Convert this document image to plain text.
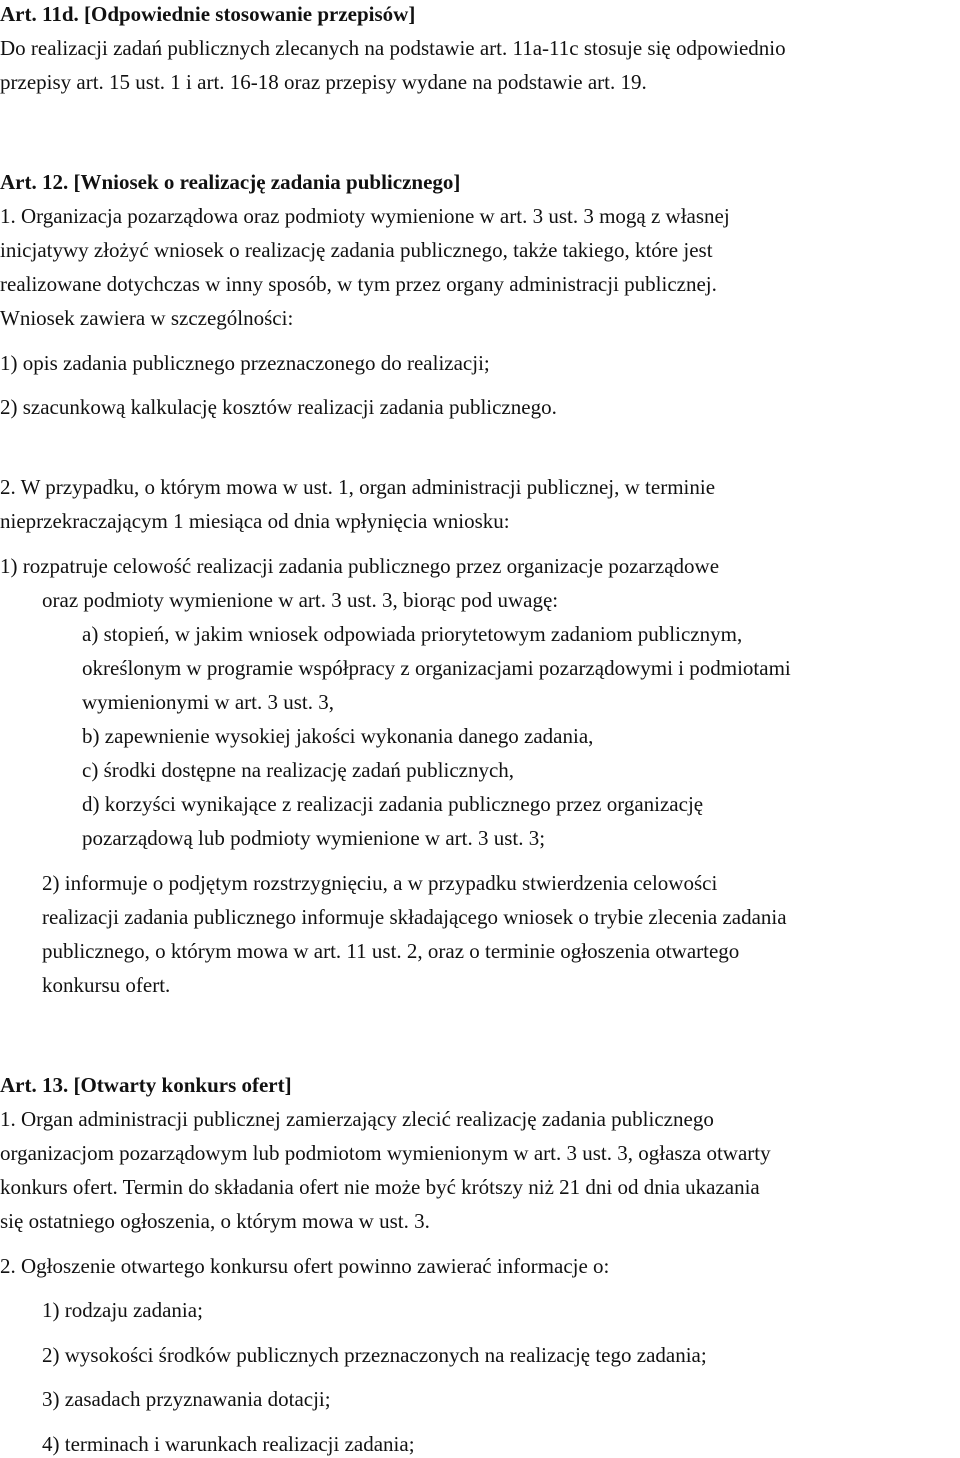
Art. 11d. [Odpowiednie stosowanie przepisów]
Do realizacji zadań publicznych zlecanych na podstawie art. 11a-11c stosuje się odpowiednio
przepisy art. 15 ust. 1 i art. 16-18 oraz przepisy wydane na podstawie art. 19.
Art. 12. [Wniosek o realizację zadania publicznego]
1. Organizacja pozarządowa oraz podmioty wymienione w art. 3 ust. 3 mogą z własnej
inicjatywy złożyć wniosek o realizację zadania publicznego, także takiego, które jest
realizowane dotychczas w inny sposób, w tym przez organy administracji publicznej.
Wniosek zawiera w szczególności:
1) opis zadania publicznego przeznaczonego do realizacji;
2) szacunkową kalkulację kosztów realizacji zadania publicznego.
2. W przypadku, o którym mowa w ust. 1, organ administracji publicznej, w terminie
nieprzekraczającym 1 miesiąca od dnia wpłynięcia wniosku:
1) rozpatruje celowość realizacji zadania publicznego przez organizacje pozarządowe
oraz podmioty wymienione w art. 3 ust. 3, biorąc pod uwagę:
a) stopień, w jakim wniosek odpowiada priorytetowym zadaniom publicznym,
określonym w programie współpracy z organizacjami pozarządowymi i podmiotami
wymienionymi w art. 3 ust. 3,
b) zapewnienie wysokiej jakości wykonania danego zadania,
c) środki dostępne na realizację zadań publicznych,
d) korzyści wynikające z realizacji zadania publicznego przez organizację
pozarządową lub podmioty wymienione w art. 3 ust. 3;
2) informuje o podjętym rozstrzygnięciu, a w przypadku stwierdzenia celowości
realizacji zadania publicznego informuje składającego wniosek o trybie zlecenia zadania
publicznego, o którym mowa w art. 11 ust. 2, oraz o terminie ogłoszenia otwartego
konkursu ofert.
Art. 13. [Otwarty konkurs ofert]
1. Organ administracji publicznej zamierzający zlecić realizację zadania publicznego
organizacjom pozarządowym lub podmiotom wymienionym w art. 3 ust. 3, ogłasza otwarty
konkurs ofert. Termin do składania ofert nie może być krótszy niż 21 dni od dnia ukazania
się ostatniego ogłoszenia, o którym mowa w ust. 3.
2. Ogłoszenie otwartego konkursu ofert powinno zawierać informacje o:
1) rodzaju zadania;
2) wysokości środków publicznych przeznaczonych na realizację tego zadania;
3) zasadach przyznawania dotacji;
4) terminach i warunkach realizacji zadania;
